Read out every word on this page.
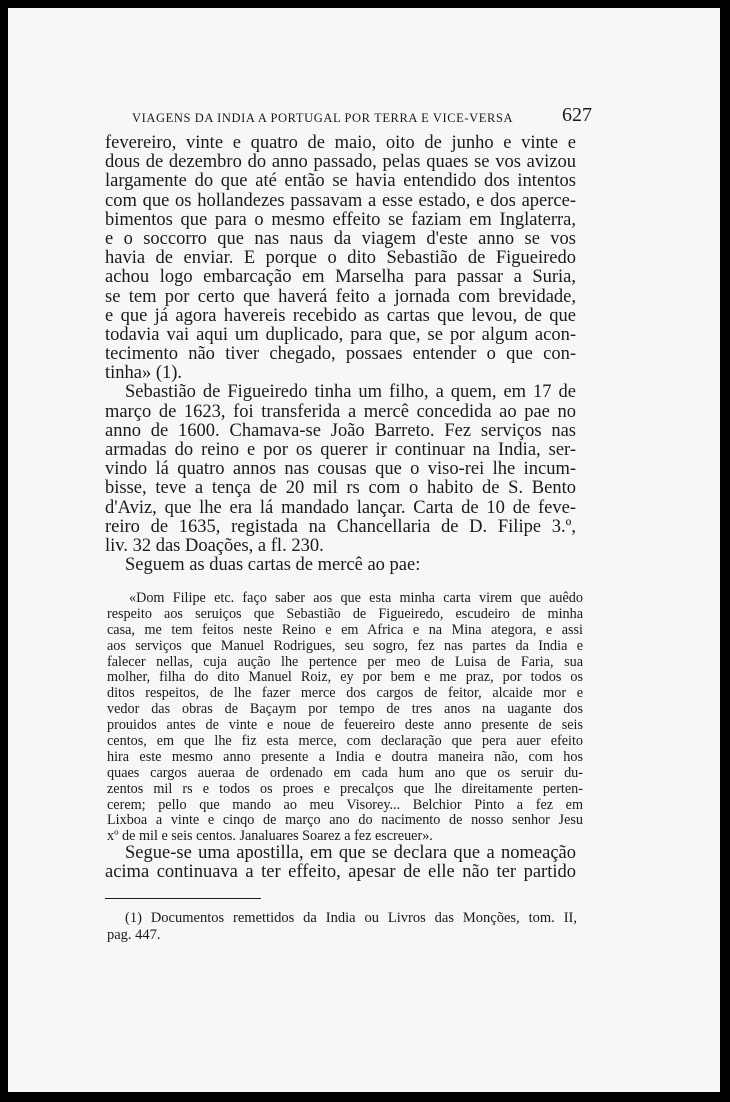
VIAGENS DA INDIA A PORTUGAL POR TERRA E VICE-VERSA 627
fevereiro, vinte e quatro de maio, oito de junho e vinte e
dous de dezembro do anno passado, pelas quaes se vos avizou
largamente do que até então se havia entendido dos intentos
com que os hollandezes passavam a esse estado, e dos aperce-
bimentos que para o mesmo effeito se faziam em Inglaterra,
e o soccorro que nas naus da viagem d'este anno se vos
havia de enviar. E porque o dito Sebastião de Figueiredo
achou logo embarcação em Marselha para passar a Suria,
se tem por certo que haverá feito a jornada com brevidade,
e que já agora havereis recebido as cartas que levou, de que
todavia vai aqui um duplicado, para que, se por algum acon-
tecimento não tiver chegado, possaes entender o que con-
tinha» (1).
Sebastião de Figueiredo tinha um filho, a quem, em 17 de
março de 1623, foi transferida a mercê concedida ao pae no
anno de 1600. Chamava-se João Barreto. Fez serviços nas
armadas do reino e por os querer ir continuar na India, ser-
vindo lá quatro annos nas cousas que o viso-rei lhe incum-
bisse, teve a tença de 20 mil rs com o habito de S. Bento
d'Aviz, que lhe era lá mandado lançar. Carta de 10 de feve-
reiro de 1635, registada na Chancellaria de D. Filipe 3.º,
liv. 32 das Doações, a fl. 230.
Seguem as duas cartas de mercê ao pae:
«Dom Filipe etc. faço saber aos que esta minha carta virem que auêdo
respeito aos seruiços que Sebastião de Figueiredo, escudeiro de minha
casa, me tem feitos neste Reino e em Africa e na Mina ategora, e assi
aos serviços que Manuel Rodrigues, seu sogro, fez nas partes da India e
falecer nellas, cuja aução lhe pertence per meo de Luisa de Faria, sua
molher, filha do dito Manuel Roiz, ey por bem e me praz, por todos os
ditos respeitos, de lhe fazer merce dos cargos de feitor, alcaide mor e
vedor das obras de Baçaym por tempo de tres anos na uagante dos
prouidos antes de vinte e noue de feuereiro deste anno presente de seis
centos, em que lhe fiz esta merce, com declaração que pera auer efeito
hira este mesmo anno presente a India e doutra maneira não, com hos
quaes cargos auerаa de ordenado em cada hum ano que os seruir du-
zentos mil rs e todos os proes e precalços que lhe direitamente perten-
cerem; pello que mando ao meu Visorey... Belchior Pinto a fez em
Lixboa a vinte e cinqo de março ano do nacimento de nosso senhor Jesu
xº de mil e seis centos. Janaluares Soarez a fez escreuer».
Segue-se uma apostilla, em que se declara que a nomeação
acima continuava a ter effeito, apesar de elle não ter partido
(1) Documentos remettidos da India ou Livros das Monções, tom. II,
pag. 447.
